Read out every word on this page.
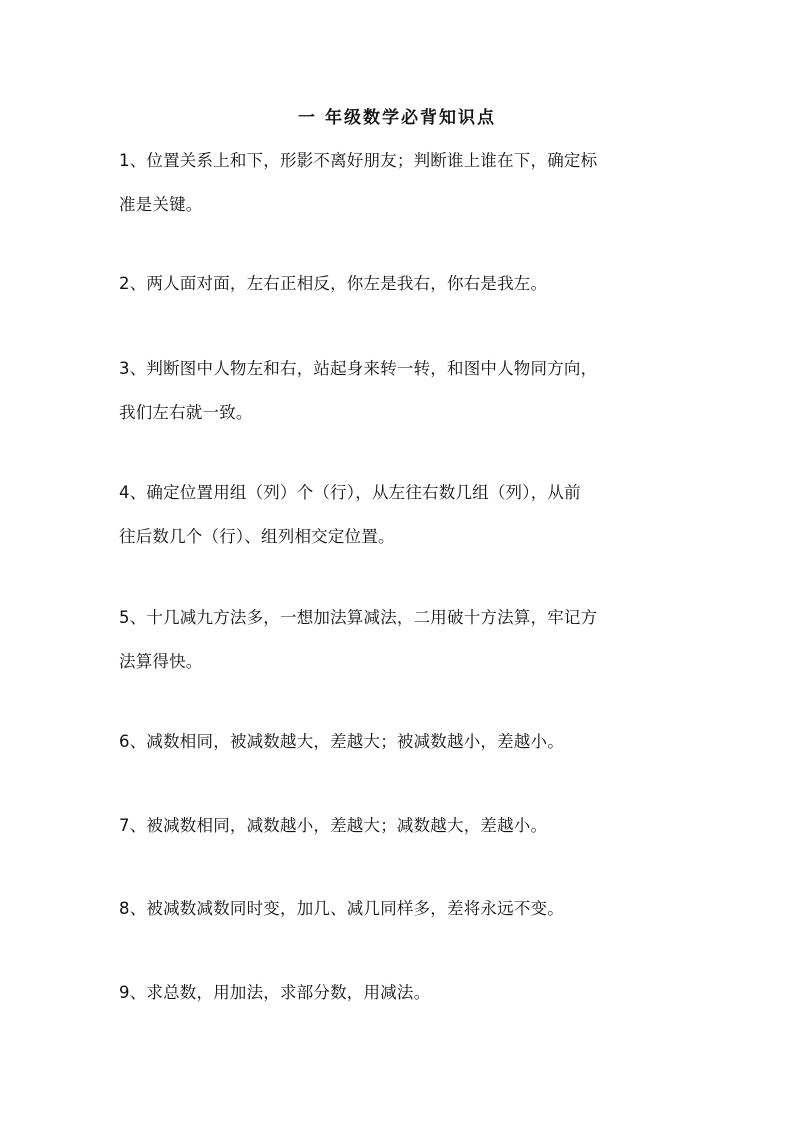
一 年级数学必背知识点

1、位置关系上和下，形影不离好朋友；判断谁上谁在下，确定标

准是关键。

2、两人面对面，左右正相反，你左是我右，你右是我左。

3、判断图中人物左和右，站起身来转一转，和图中人物同方向，

我们左右就一致。

4、确定位置用组（列）个（行），从左往右数几组（列），从前

往后数几个（行）、组列相交定位置。

5、十几减九方法多，一想加法算减法，二用破十方法算，牢记方

法算得快。

6、减数相同，被减数越大，差越大；被减数越小，差越小。

7、被减数相同，减数越小，差越大；减数越大，差越小。

8、被减数减数同时变，加几、减几同样多，差将永远不变。

9、求总数，用加法，求部分数，用减法。
